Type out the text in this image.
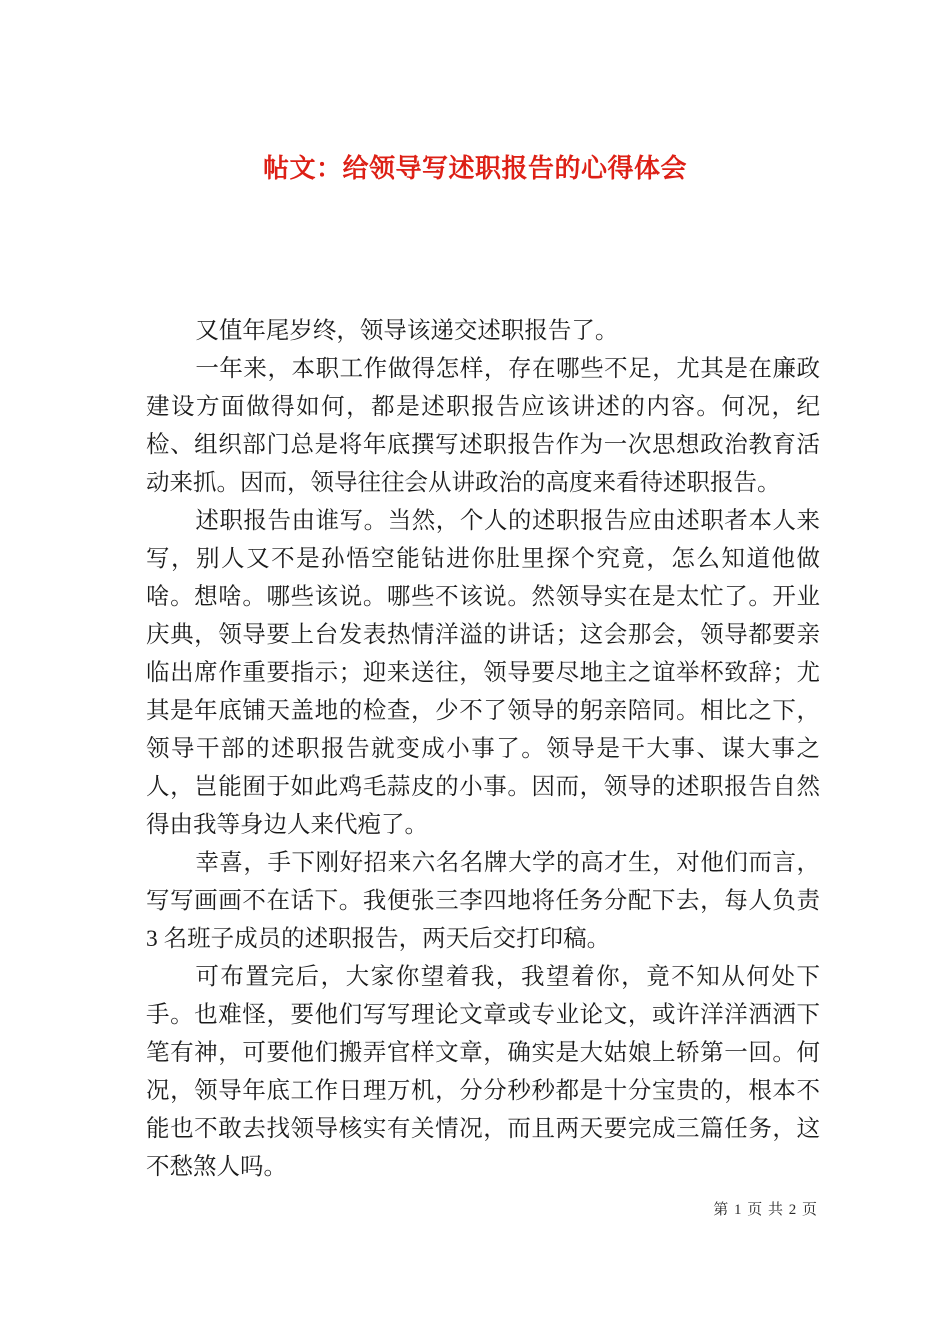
帖文：给领导写述职报告的心得体会

又值年尾岁终，领导该递交述职报告了。

一年来，本职工作做得怎样，存在哪些不足，尤其是在廉政建设方面做得如何，都是述职报告应该讲述的内容。何况，纪检、组织部门总是将年底撰写述职报告作为一次思想政治教育活动来抓。因而，领导往往会从讲政治的高度来看待述职报告。

述职报告由谁写。当然，个人的述职报告应由述职者本人来写，别人又不是孙悟空能钻进你肚里探个究竟，怎么知道他做啥。想啥。哪些该说。哪些不该说。然领导实在是太忙了。开业庆典，领导要上台发表热情洋溢的讲话；这会那会，领导都要亲临出席作重要指示；迎来送往，领导要尽地主之谊举杯致辞；尤其是年底铺天盖地的检查，少不了领导的躬亲陪同。相比之下，领导干部的述职报告就变成小事了。领导是干大事、谋大事之人，岂能囿于如此鸡毛蒜皮的小事。因而，领导的述职报告自然得由我等身边人来代疱了。

幸喜，手下刚好招来六名名牌大学的高才生，对他们而言，写写画画不在话下。我便张三李四地将任务分配下去，每人负责 3 名班子成员的述职报告，两天后交打印稿。

可布置完后，大家你望着我，我望着你，竟不知从何处下手。也难怪，要他们写写理论文章或专业论文，或许洋洋洒洒下笔有神，可要他们搬弄官样文章，确实是大姑娘上轿第一回。何况，领导年底工作日理万机，分分秒秒都是十分宝贵的，根本不能也不敢去找领导核实有关情况，而且两天要完成三篇任务，这不愁煞人吗。

第 1 页 共 2 页
